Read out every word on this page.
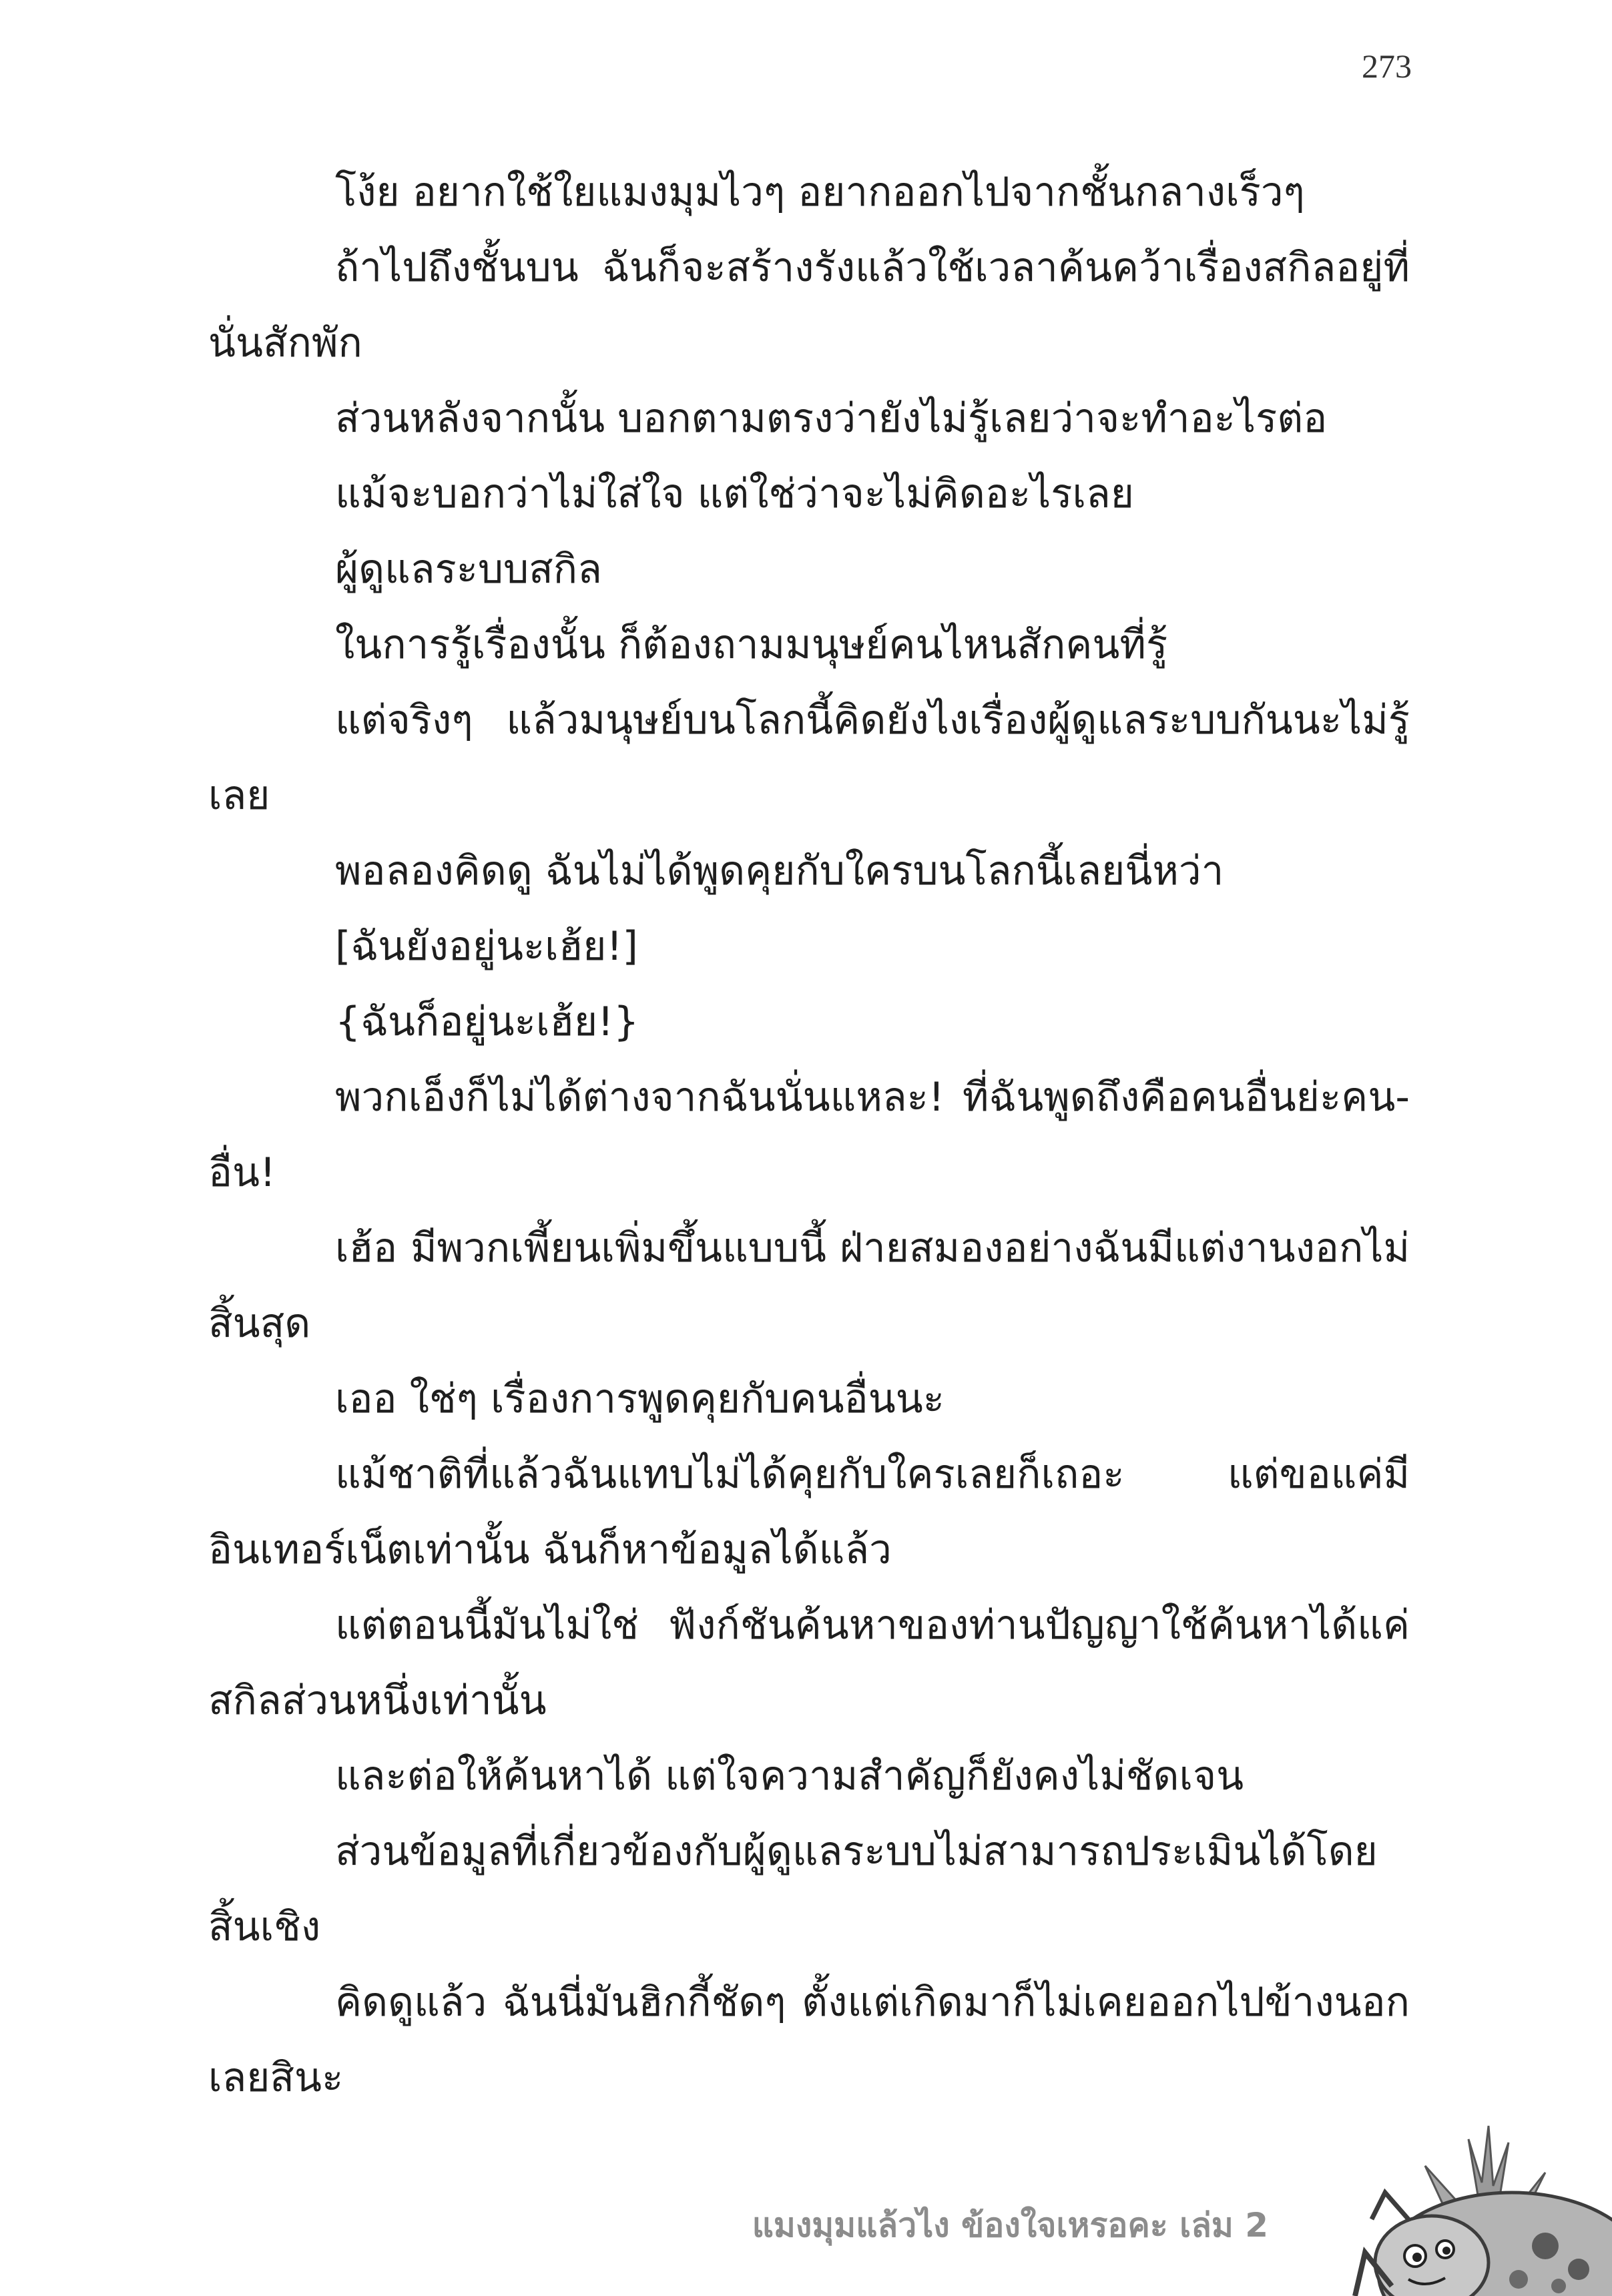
273

โง้ย อยากใช้ใยแมงมุมไวๆ อยากออกไปจากชั้นกลางเร็วๆ

ถ้าไปถึงชั้นบน ฉันก็จะสร้างรังแล้วใช้เวลาค้นคว้าเรื่องสกิลอยู่ที่นั่นสักพัก

ส่วนหลังจากนั้น บอกตามตรงว่ายังไม่รู้เลยว่าจะทำอะไรต่อ

แม้จะบอกว่าไม่ใส่ใจ แต่ใช่ว่าจะไม่คิดอะไรเลย

ผู้ดูแลระบบสกิล

ในการรู้เรื่องนั้น ก็ต้องถามมนุษย์คนไหนสักคนที่รู้

แต่จริงๆ แล้วมนุษย์บนโลกนี้คิดยังไงเรื่องผู้ดูแลระบบกันนะไม่รู้เลย

พอลองคิดดู ฉันไม่ได้พูดคุยกับใครบนโลกนี้เลยนี่หว่า

[ฉันยังอยู่นะเฮ้ย!]

{ฉันก็อยู่นะเฮ้ย!}

พวกเอ็งก็ไม่ได้ต่างจากฉันนั่นแหละ! ที่ฉันพูดถึงคือคนอื่นย่ะคน-อื่น!

เฮ้อ มีพวกเพี้ยนเพิ่มขึ้นแบบนี้ ฝ่ายสมองอย่างฉันมีแต่งานงอกไม่สิ้นสุด

เออ ใช่ๆ เรื่องการพูดคุยกับคนอื่นนะ

แม้ชาติที่แล้วฉันแทบไม่ได้คุยกับใครเลยก็เถอะ แต่ขอแค่มีอินเทอร์เน็ตเท่านั้น ฉันก็หาข้อมูลได้แล้ว

แต่ตอนนี้มันไม่ใช่ ฟังก์ชันค้นหาของท่านปัญญาใช้ค้นหาได้แค่สกิลส่วนหนึ่งเท่านั้น

และต่อให้ค้นหาได้ แต่ใจความสำคัญก็ยังคงไม่ชัดเจน

ส่วนข้อมูลที่เกี่ยวข้องกับผู้ดูแลระบบไม่สามารถประเมินได้โดยสิ้นเชิง

คิดดูแล้ว ฉันนี่มันฮิกกี้ชัดๆ ตั้งแต่เกิดมาก็ไม่เคยออกไปข้างนอกเลยสินะ

แมงมุมแล้วไง ข้องใจเหรอคะ เล่ม 2
